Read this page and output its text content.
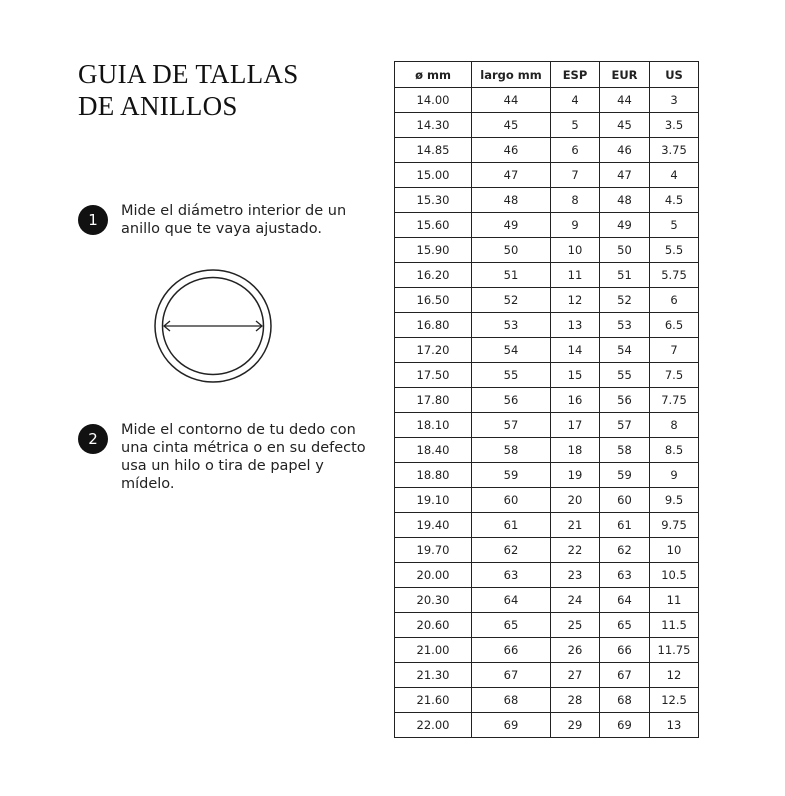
GUIA DE TALLAS
DE ANILLOS
1	Mide el diámetro interior de un anillo que te vaya ajustado.
2	Mide el contorno de tu dedo con una cinta métrica o en su defecto usa un hilo o tira de papel y mídelo.
ø mm	largo mm	ESP	EUR	US
14.00	44	4	44	3
14.30	45	5	45	3.5
14.85	46	6	46	3.75
15.00	47	7	47	4
15.30	48	8	48	4.5
15.60	49	9	49	5
15.90	50	10	50	5.5
16.20	51	11	51	5.75
16.50	52	12	52	6
16.80	53	13	53	6.5
17.20	54	14	54	7
17.50	55	15	55	7.5
17.80	56	16	56	7.75
18.10	57	17	57	8
18.40	58	18	58	8.5
18.80	59	19	59	9
19.10	60	20	60	9.5
19.40	61	21	61	9.75
19.70	62	22	62	10
20.00	63	23	63	10.5
20.30	64	24	64	11
20.60	65	25	65	11.5
21.00	66	26	66	11.75
21.30	67	27	67	12
21.60	68	28	68	12.5
22.00	69	29	69	13
